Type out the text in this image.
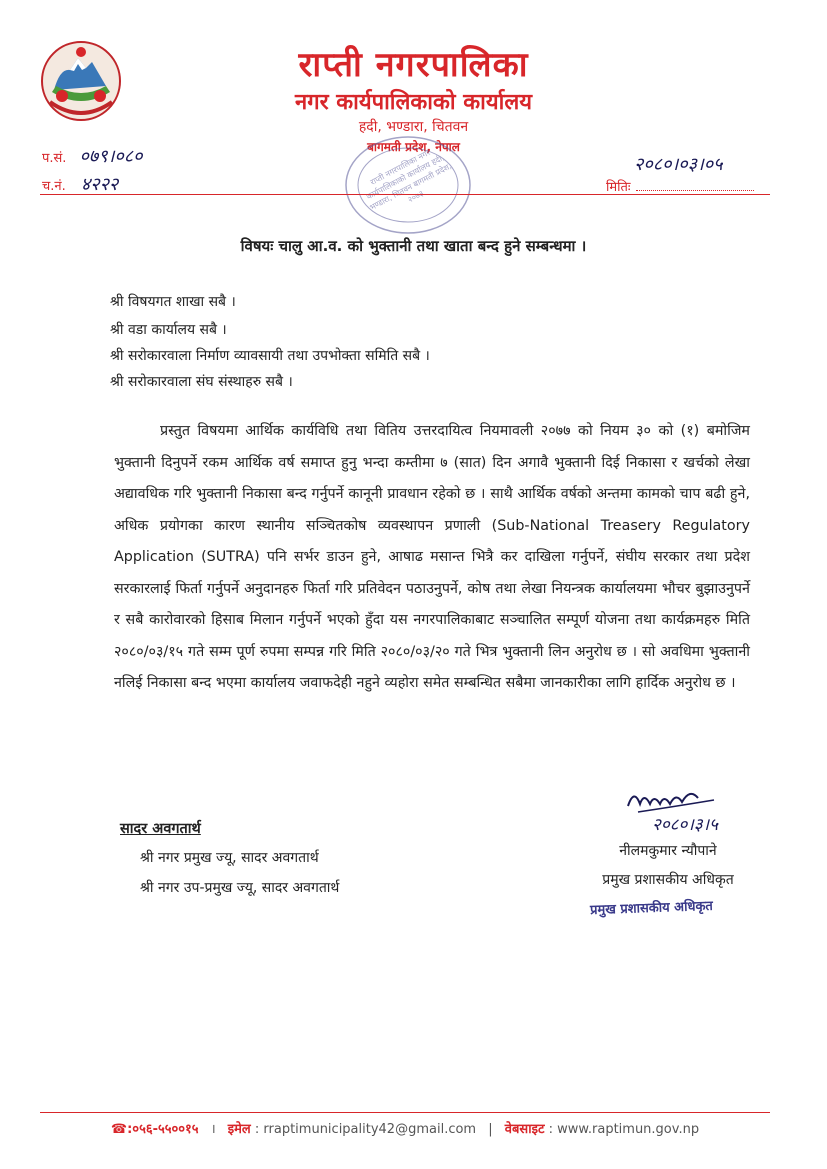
राप्ती नगरपालिका
नगर कार्यपालिकाको कार्यालय
हदी, भण्डारा, चितवन
बागमती प्रदेश, नेपाल
प.सं. ०७९।०८०
च.नं. ४२२२
२०८०।०३।०५
मितिः
राप्ती नगरपालिका नगर कार्यपालिकाको कार्यालय हदी, भण्डारा, चितवन बागमती प्रदेश, २०७३
विषयः चालु आ.व. को भुक्तानी तथा खाता बन्द हुने सम्बन्धमा ।
श्री विषयगत शाखा सबै ।
श्री वडा कार्यालय सबै ।
श्री सरोकारवाला निर्माण व्यावसायी तथा उपभोक्ता समिति सबै ।
श्री सरोकारवाला संघ संस्थाहरु सबै ।
प्रस्तुत विषयमा आर्थिक कार्यविधि तथा वितिय उत्तरदायित्व नियमावली २०७७ को नियम ३० को (१) बमोजिम भुक्तानी दिनुपर्ने रकम आर्थिक वर्ष समाप्त हुनु भन्दा कम्तीमा ७ (सात) दिन अगावै भुक्तानी दिई निकासा र खर्चको लेखा अद्यावधिक गरि भुक्तानी निकासा बन्द गर्नुपर्ने कानूनी प्रावधान रहेको छ । साथै आर्थिक वर्षको अन्तमा कामको चाप बढी हुने, अधिक प्रयोगका कारण स्थानीय सञ्चितकोष व्यवस्थापन प्रणाली (Sub-National Treasery Regulatory Application (SUTRA) पनि सर्भर डाउन हुने, आषाढ मसान्त भित्रै कर दाखिला गर्नुपर्ने, संघीय सरकार तथा प्रदेश सरकारलाई फिर्ता गर्नुपर्ने अनुदानहरु फिर्ता गरि प्रतिवेदन पठाउनुपर्ने, कोष तथा लेखा नियन्त्रक कार्यालयमा भौचर बुझाउनुपर्ने र सबै कारोवारको हिसाब मिलान गर्नुपर्ने भएको हुँदा यस नगरपालिकाबाट सञ्चालित सम्पूर्ण योजना तथा कार्यक्रमहरु मिति २०८०/०३/१५ गते सम्म पूर्ण रुपमा सम्पन्न गरि मिति २०८०/०३/२० गते भित्र भुक्तानी लिन अनुरोध छ । सो अवधिमा भुक्तानी नलिई निकासा बन्द भएमा कार्यालय जवाफदेही नहुने व्यहोरा समेत सम्बन्धित सबैमा जानकारीका लागि हार्दिक अनुरोध छ ।
२०८०।३।५
सादर अवगतार्थ
श्री नगर प्रमुख ज्यू, सादर अवगतार्थ
श्री नगर उप-प्रमुख ज्यू, सादर अवगतार्थ
नीलमकुमार न्यौपाने
प्रमुख प्रशासकीय अधिकृत
प्रमुख प्रशासकीय अधिकृत
☎:०५६-५५००१५ । इमेल : rraptimunicipality42@gmail.com | वेबसाइट : www.raptimun.gov.np
